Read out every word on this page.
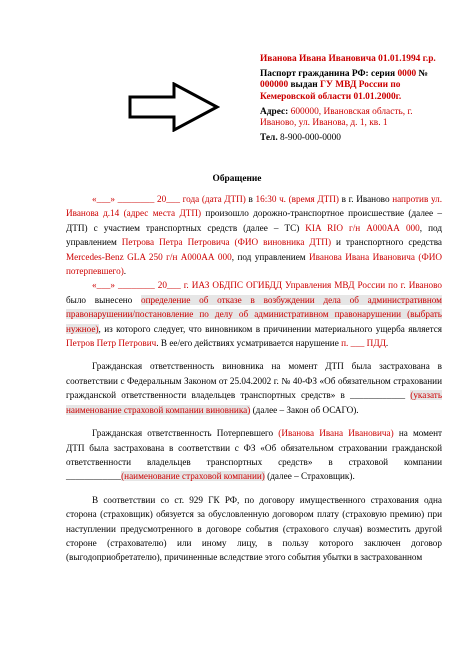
Иванова Ивана Ивановича 01.01.1994 г.р.

Паспорт гражданина РФ: серия 0000 № 000000 выдан ГУ МВД России по Кемеровской области 01.01.2000г.

Адрес: 600000, Ивановская область, г. Иваново, ул. Иванова, д. 1, кв. 1

Тел. 8-900-000-0000

Обращение

«___» ________ 20___ года (дата ДТП) в 16:30 ч. (время ДТП) в г. Иваново напротив ул. Иванова д.14 (адрес места ДТП) произошло дорожно-транспортное происшествие (далее – ДТП) с участием транспортных средств (далее – ТС) KIA RIO г/н А000АА 000, под управлением Петрова Петра Петровича (ФИО виновника ДТП) и транспортного средства Mercedes-Benz GLA 250 г/н А000АА 000, под управлением Иванова Ивана Ивановича (ФИО потерпевшего).

«___» ________ 20___ г. ИАЗ ОБДПС ОГИБДД Управления МВД России по г. Иваново было вынесено определение об отказе в возбуждении дела об административном правонарушении/постановление по делу об административном правонарушении (выбрать нужное), из которого следует, что виновником в причинении материального ущерба является Петров Петр Петрович. В ее/его действиях усматривается нарушение п. ___ ПДД.

Гражданская ответственность виновника на момент ДТП была застрахована в соответствии с Федеральным Законом от 25.04.2002 г. № 40-ФЗ «Об обязательном страховании гражданской ответственности владельцев транспортных средств» в ____________ (указать наименование страховой компании виновника) (далее – Закон об ОСАГО).

Гражданская ответственность Потерпевшего (Иванова Ивана Ивановича) на момент ДТП была застрахована в соответствии с ФЗ «Об обязательном страховании гражданской ответственности владельцев транспортных средств» в страховой компании ____________(наименование страховой компании) (далее – Страховщик).

В соответствии со ст. 929 ГК РФ, по договору имущественного страхования одна сторона (страховщик) обязуется за обусловленную договором плату (страховую премию) при наступлении предусмотренного в договоре события (страхового случая) возместить другой стороне (страхователю) или иному лицу, в пользу которого заключен договор (выгодоприобретателю), причиненные вследствие этого события убытки в застрахованном
